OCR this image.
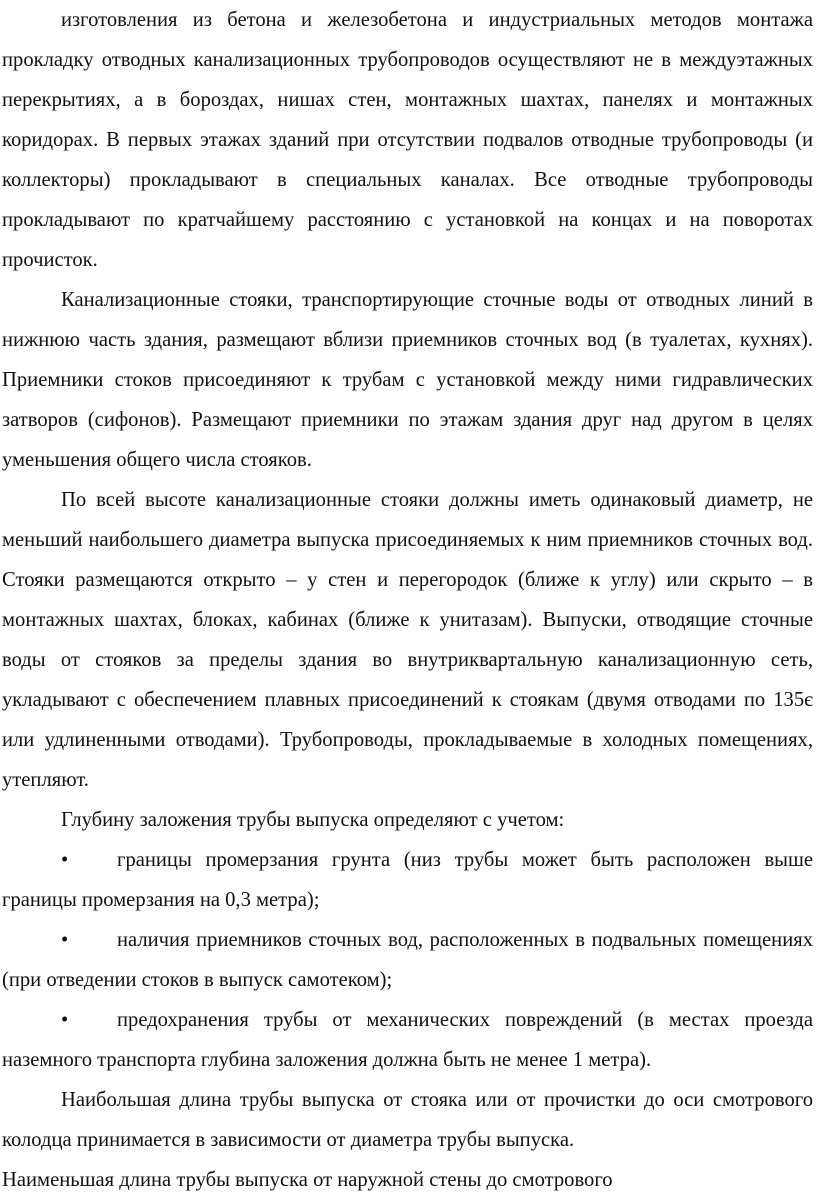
изготовления из бетона и железобетона и индустриальных методов монтажа прокладку отводных канализационных трубопроводов осуществляют не в междуэтажных перекрытиях, а в бороздах, нишах стен, монтажных шахтах, панелях и монтажных коридорах. В первых этажах зданий при отсутствии подвалов отводные трубопроводы (и коллекторы) прокладывают в специальных каналах. Все отводные трубопроводы прокладывают по кратчайшему расстоянию с установкой на концах и на поворотах прочисток.

Канализационные стояки, транспортирующие сточные воды от отводных линий в нижнюю часть здания, размещают вблизи приемников сточных вод (в туалетах, кухнях). Приемники стоков присоединяют к трубам с установкой между ними гидравлических затворов (сифонов). Размещают приемники по этажам здания друг над другом в целях уменьшения общего числа стояков.

По всей высоте канализационные стояки должны иметь одинаковый диаметр, не меньший наибольшего диаметра выпуска присоединяемых к ним приемников сточных вод. Стояки размещаются открыто – у стен и перегородок (ближе к углу) или скрыто – в монтажных шахтах, блоках, кабинах (ближе к унитазам). Выпуски, отводящие сточные воды от стояков за пределы здания во внутриквартальную канализационную сеть, укладывают с обеспечением плавных присоединений к стоякам (двумя отводами по 135є или удлиненными отводами). Трубопроводы, прокладываемые в холодных помещениях, утепляют.

Глубину заложения трубы выпуска определяют с учетом:

• границы промерзания грунта (низ трубы может быть расположен выше границы промерзания на 0,3 метра);

• наличия приемников сточных вод, расположенных в подвальных помещениях (при отведении стоков в выпуск самотеком);

• предохранения трубы от механических повреждений (в местах проезда наземного транспорта глубина заложения должна быть не менее 1 метра).

Наибольшая длина трубы выпуска от стояка или от прочистки до оси смотрового колодца принимается в зависимости от диаметра трубы выпуска.

Наименьшая длина трубы выпуска от наружной стены до смотрового
